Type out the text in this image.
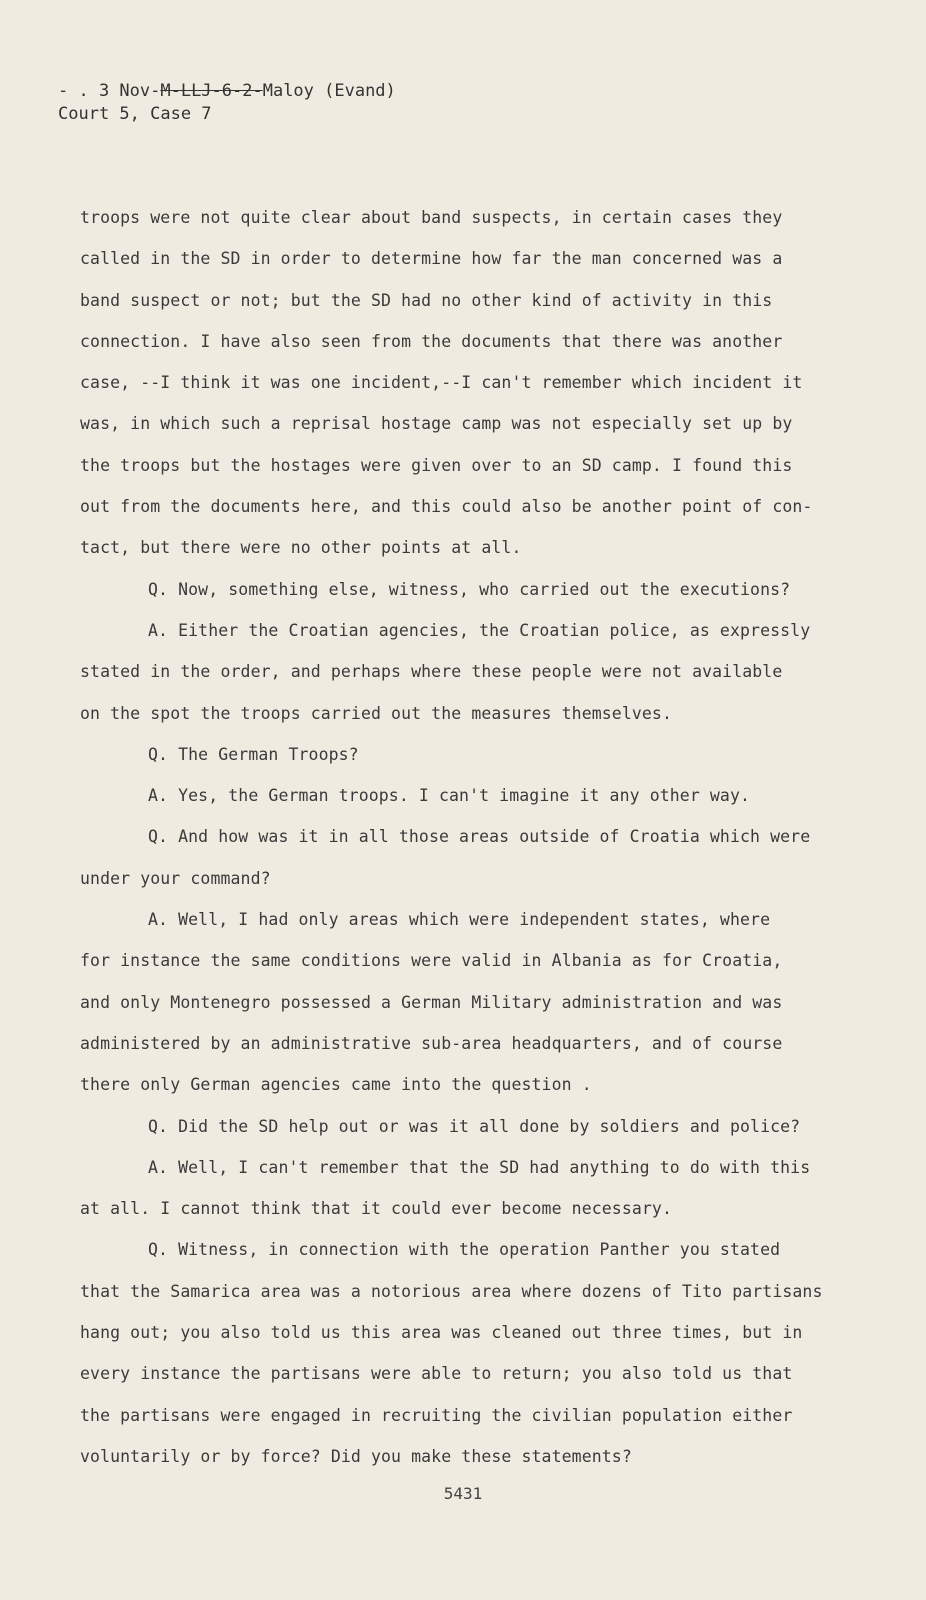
- . 3 Nov-M-LLJ-6-2-Maloy (Evand)
Court 5, Case 7
troops were not quite clear about band suspects, in certain cases they
called in the SD in order to determine how far the man concerned was a
band suspect or not; but the SD had no other kind of activity in this
connection. I have also seen from the documents that there was another
case, --I think it was one incident,--I can't remember which incident it
was, in which such a reprisal hostage camp was not especially set up by
the troops but the hostages were given over to an SD camp. I found this
out from the documents here, and this could also be another point of con-
tact, but there were no other points at all.
Q. Now, something else, witness, who carried out the executions?
A. Either the Croatian agencies, the Croatian police, as expressly
stated in the order, and perhaps where these people were not available
on the spot the troops carried out the measures themselves.
Q. The German Troops?
A. Yes, the German troops. I can't imagine it any other way.
Q. And how was it in all those areas outside of Croatia which were
under your command?
A. Well, I had only areas which were independent states, where
for instance the same conditions were valid in Albania as for Croatia,
and only Montenegro possessed a German Military administration and was
administered by an administrative sub-area headquarters, and of course
there only German agencies came into the question .
Q. Did the SD help out or was it all done by soldiers and police?
A. Well, I can't remember that the SD had anything to do with this
at all. I cannot think that it could ever become necessary.
Q. Witness, in connection with the operation Panther you stated
that the Samarica area was a notorious area where dozens of Tito partisans
hang out; you also told us this area was cleaned out three times, but in
every instance the partisans were able to return; you also told us that
the partisans were engaged in recruiting the civilian population either
voluntarily or by force? Did you make these statements?
5431
